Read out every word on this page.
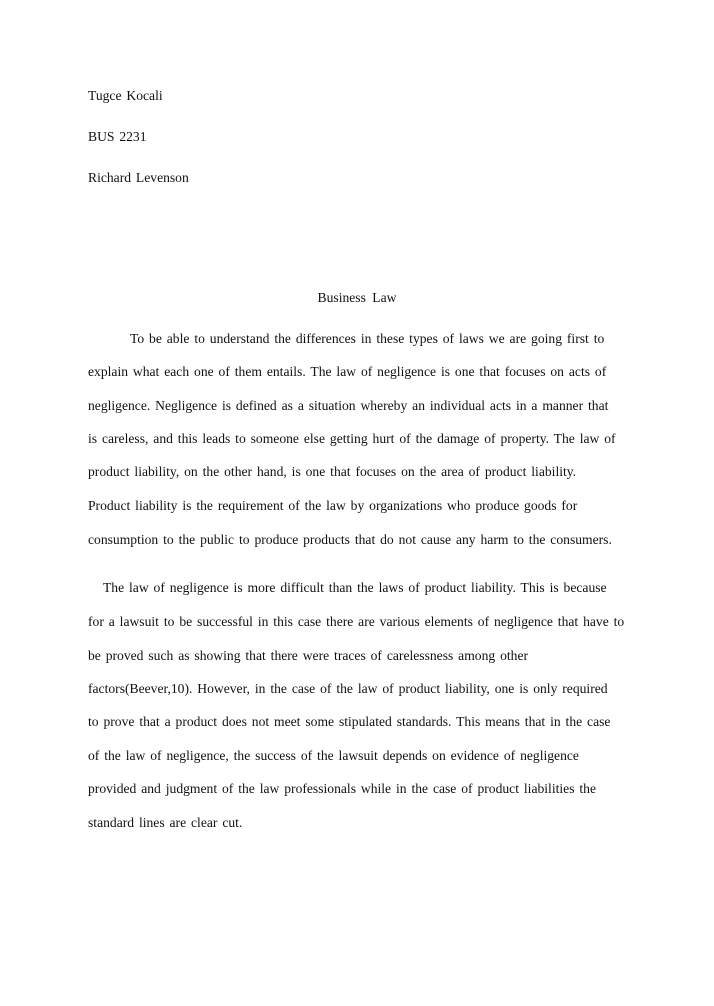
Tugce Kocali
BUS 2231
Richard Levenson
Business Law
To be able to understand the differences in these types of laws we are going first to
explain what each one of them entails. The law of negligence is one that focuses on acts of
negligence. Negligence is defined as a situation whereby an individual acts in a manner that
is careless, and this leads to someone else getting hurt of the damage of property. The law of
product liability, on the other hand, is one that focuses on the area of product liability.
Product liability is the requirement of the law by organizations who produce goods for
consumption to the public to produce products that do not cause any harm to the consumers.
The law of negligence is more difficult than the laws of product liability. This is because
for a lawsuit to be successful in this case there are various elements of negligence that have to
be proved such as showing that there were traces of carelessness among other
factors(Beever,10). However, in the case of the law of product liability, one is only required
to prove that a product does not meet some stipulated standards. This means that in the case
of the law of negligence, the success of the lawsuit depends on evidence of negligence
provided and judgment of the law professionals while in the case of product liabilities the
standard lines are clear cut.
